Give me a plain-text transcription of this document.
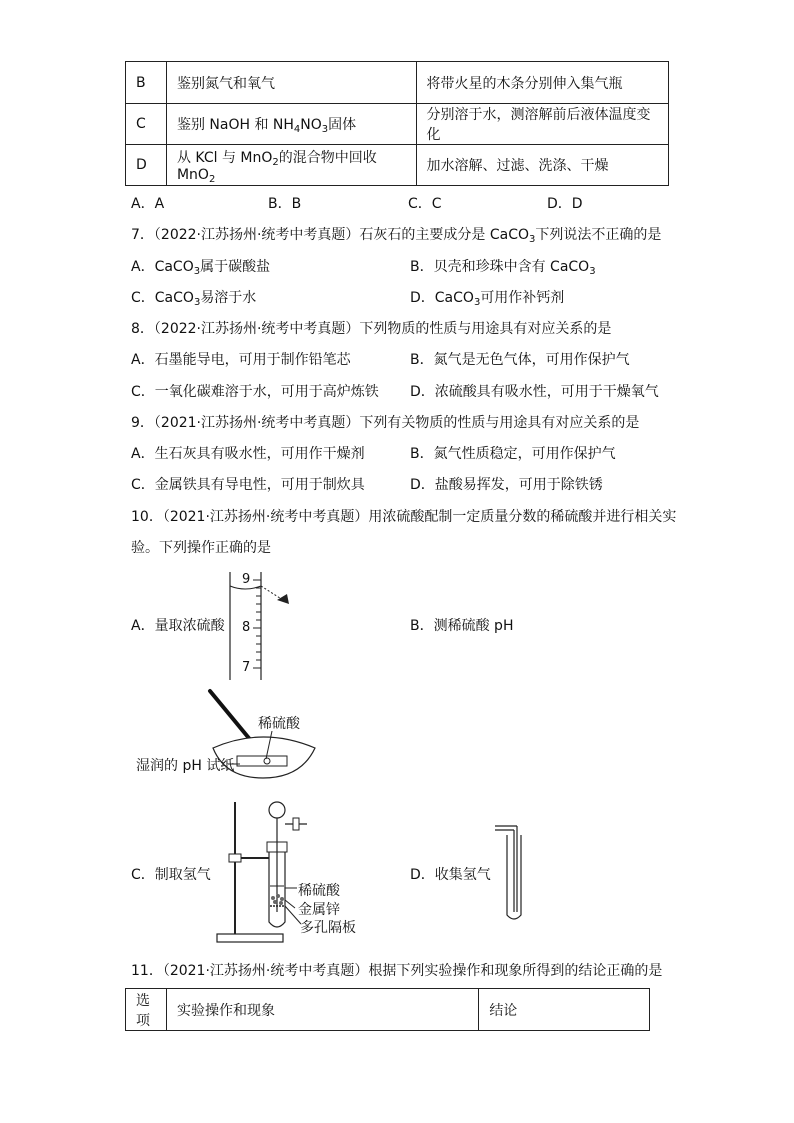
B	鉴别氮气和氧气	将带火星的木条分别伸入集气瓶
C	鉴别 NaOH 和 $NH_4NO_3$固体	分别溶于水，测溶解前后液体温度变化
D	从 KCl 与 MnO$_2$的混合物中回收 MnO$_2$	加水溶解、过滤、洗涤、干燥
A．A	B．B	C．C	D．D
7．（2022·江苏扬州·统考中考真题）石灰石的主要成分是 CaCO$_3$下列说法不正确的是
A．CaCO$_3$属于碳酸盐	B．贝壳和珍珠中含有 CaCO$_3$
C．CaCO$_3$易溶于水	D．CaCO$_3$可用作补钙剂
8．（2022·江苏扬州·统考中考真题）下列物质的性质与用途具有对应关系的是
A．石墨能导电，可用于制作铅笔芯	B．氮气是无色气体，可用作保护气
C．一氧化碳难溶于水，可用于高炉炼铁 D．浓硫酸具有吸水性，可用于干燥氧气
9．（2021·江苏扬州·统考中考真题）下列有关物质的性质与用途具有对应关系的是
A．生石灰具有吸水性，可用作干燥剂	B．氮气性质稳定，可用作保护气
C．金属铁具有导电性，可用于制炊具	D．盐酸易挥发，可用于除铁锈
10．（2021·江苏扬州·统考中考真题）用浓硫酸配制一定质量分数的稀硫酸并进行相关实
验。下列操作正确的是
A．量取浓硫酸	B．测稀硫酸 pH
9
8
7
稀硫酸
湿润的 pH 试纸
C．制取氢气	D．收集氢气
稀硫酸
金属锌
多孔隔板
11．（2021·江苏扬州·统考中考真题）根据下列实验操作和现象所得到的结论正确的是
选项	实验操作和现象	结论
